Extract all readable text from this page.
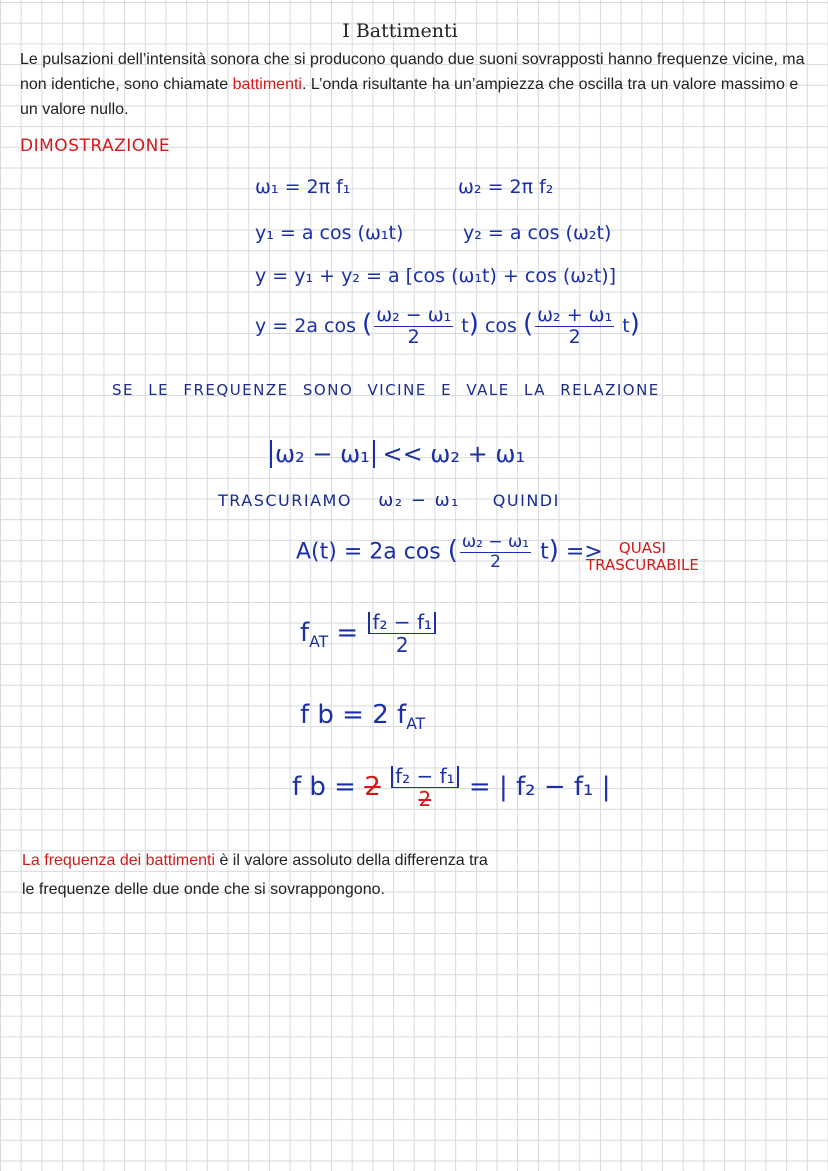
I Battimenti
Le pulsazioni dell’intensità sonora che si producono quando due suoni sovrapposti hanno frequenze vicine, ma non identiche, sono chiamate battimenti. L’onda risultante ha un’ampiezza che oscilla tra un valore massimo e un valore nullo.
DIMOSTRAZIONE
ω₁ = 2π f₁	ω₂ = 2π f₂
y₁ = a cos (ω₁t)	y₂ = a cos (ω₂t)
y = y₁ + y₂ = a [cos (ω₁t) + cos (ω₂t)]
y = 2a cos ( $\frac{\text{ω₂ − ω₁}}{2} t$) cos ( $\frac{\text{ω₂ + ω₁}}{2} t$)
SE LE FREQUENZE SONO VICINE E VALE LA RELAZIONE
ω₂ − ω₁ << ω₂ + ω₁
TRASCURIAMO ω₂ − ω₁ QUINDI
A(t) = 2a cos ( $\frac{\text{ω₂ − ω₁}}{2} t$) =>	QUASI
TRASCURABILE
$f_{AT} = \frac{\text{f₂ − f₁}}{2}$
f b = 2 $f_{AT}$
f $b = 2 \frac{\text{f₂ − f₁}}{2}$ = | f₂ − f₁ |
La frequenza dei battimenti è il valore assoluto della differenza tra
le frequenze delle due onde che si sovrappongono.
